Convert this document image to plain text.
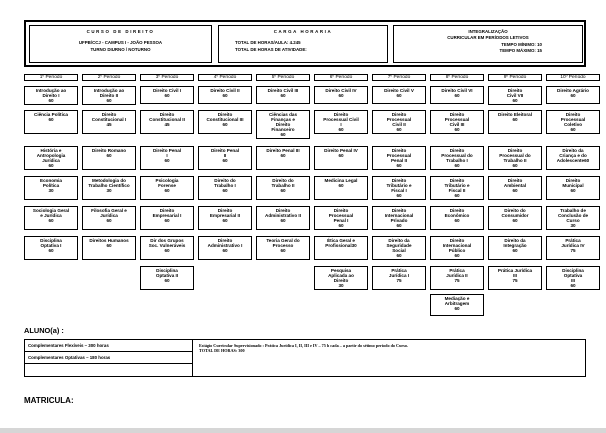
CURSO DE DIREITO
UFPB/CCJ - CAMPUS I - JOÃO PESSOA
TURNO DIURNO / NOTURNO
CARGA HORARIA
TOTAL DE HORAS/AULA: 4.245
TOTAL DE HORAS DE ATIVIDADE:
INTEGRALIZAÇÃO
CURRICULAR EM PERÍODOS LETIVOS
TEMPO MÍNIMO: 10
TEMPO MÁXIMO: 15
1º Período
Introdução ao
Direito I
60
Ciência Política
60
História e
Antropologia
Jurídica
60
Economia
Política
30
Sociologia Geral
e Jurídica
60
Disciplina
Optativa I
60
2º Período
Introdução ao
Direito II
60
Direito
Constitucional I
45
Direito Romano
60
Metodologia do
Trabalho Científico
30
Filosofia Geral e
Jurídica
60
Direitos Humanos
60
3º Período
Direito Civil I
60
Direito
Constitucional II
45
Direito Penal
I
60
Psicologia
Forense
60
Direito
Empresarial I
60
Dir dos Grupos
Soc. Vulneráveis
60
Disciplina
Optativa II
60
4º Período
Direito Civil II
60
Direito
Constitucional III
60
Direito Penal
II
60
Direito do
Trabalho I
60
Direito
Empresarial II
60
Direito
Administrativo I
60
5º Período
Direito Civil III
60
Ciências das
Finanças e
Direito
Financeiro
60
Direito Penal III
60
Direito do
Trabalho II
60
Direito
Administrativo II
60
Teoria Geral do
Processo
60
6º Período
Direito Civil IV
60
Direito
Processual Civil
I
60
Direito Penal IV
60
Medicina Legal
60
Direito
Processual
Penal I
60
Ética Geral e
Profissional30
Pesquisa
Aplicada ao
Direito
30
7º Período
Direito Civil V
60
Direito
Processual
Civil II
60
Direito
Processual
Penal II
60
Direito
Tributário e
Fiscal I
60
Direito
Internacional
Privado
60
Direito da
Seguridade
Social
60
Prática
Jurídica I
75
8º Período
Direito Civil VI
60
Direito
Processual
Civil III
60
Direito
Processual do
Trabalho I
60
Direito
Tributário e
Fiscal II
60
Direito
Econômico
60
Direito
Internacional
Público
60
Prática
Jurídica II
75
Mediação e
Arbitragem
60
9º Período
Direito
Civil VII
60
Direito Eleitoral
60
Direito
Processual do
Trabalho II
60
Direito
Ambiental
60
Direito do
Consumidor
60
Direito da
Integração
60
Prática Jurídica
III
75
10º Período
Direito Agrário
60
Direito
Processual
Coletivo
60
Direito da
Criança e do
Adolescente60
Direito
Municipal
60
Trabalho de
Conclusão de
Curso
30
Prática
Jurídica IV
75
Disciplina
Optativa
III
60
ALUNO(a) :
Complementares Flexíveis – 300 horas
Complementares Optativas – 180 horas
Estágio Curricular Supervisionado : Prática Jurídica I, II, III e IV – 75 h cada – a partir do sétimo período do Curso.
TOTAL DE HORAS: 300
MATRICULA:
